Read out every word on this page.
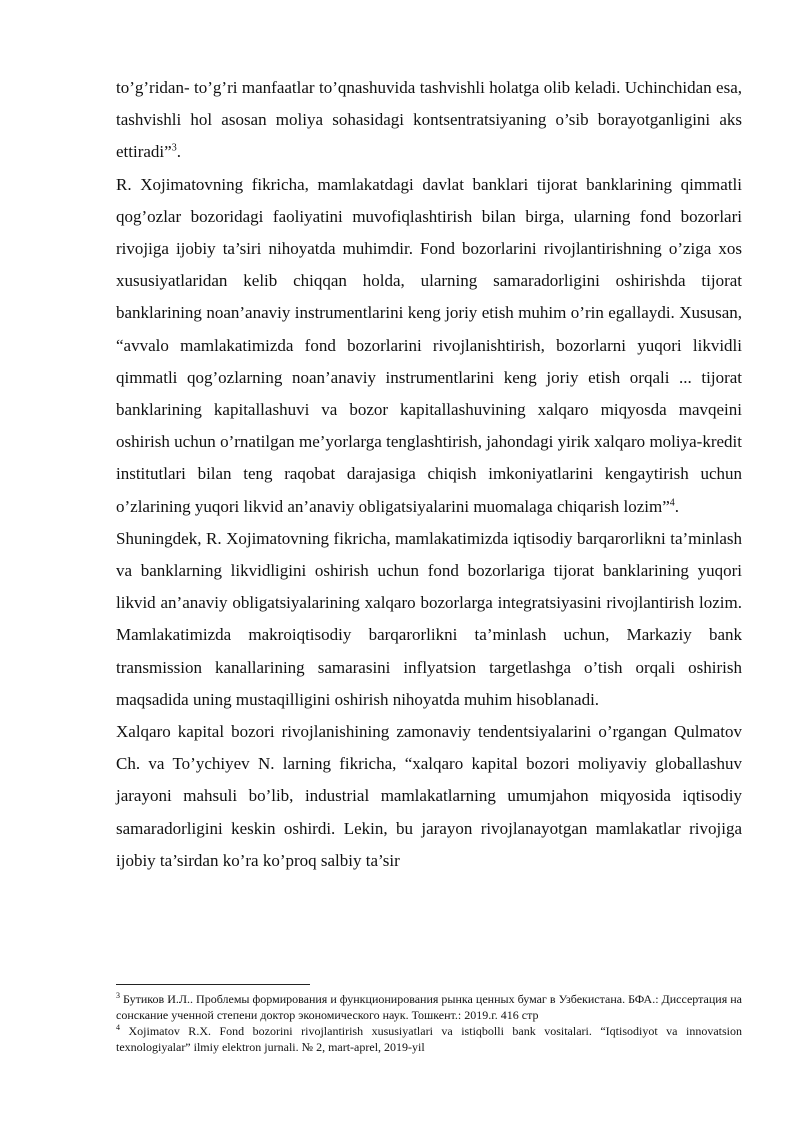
to’g’ridan- to’g’ri manfaatlar to’qnashuvida tashvishli holatga olib keladi. Uchinchidan esa, tashvishli hol asosan moliya sohasidagi kontsentratsiyaning o’sib borayotganligini aks ettiradi”$^3$.

R. Xojimatovning fikricha, mamlakatdagi davlat banklari tijorat banklarining qimmatli qog’ozlar bozoridagi faoliyatini muvofiqlashtirish bilan birga, ularning fond bozorlari rivojiga ijobiy ta’siri nihoyatda muhimdir. Fond bozorlarini rivojlantirishning o’ziga xos xususiyatlaridan kelib chiqqan holda, ularning samaradorligini oshirishda tijorat banklarining noan’anaviy instrumentlarini keng joriy etish muhim o’rin egallaydi. Xususan, “avvalo mamlakatimizda fond bozorlarini rivojlanishtirish, bozorlarni yuqori likvidli qimmatli qog’ozlarning noan’anaviy instrumentlarini keng joriy etish orqali ... tijorat banklarining kapitallashuvi va bozor kapitallashuvining xalqaro miqyosda mavqeini oshirish uchun o’rnatilgan me’yorlarga tenglashtirish, jahondagi yirik xalqaro moliya-kredit institutlari bilan teng raqobat darajasiga chiqish imkoniyatlarini kengaytirish uchun o’zlarining yuqori likvid an’anaviy obligatsiyalarini muomalaga chiqarish lozim”$^4$.

Shuningdek, R. Xojimatovning fikricha, mamlakatimizda iqtisodiy barqarorlikni ta’minlash va banklarning likvidligini oshirish uchun fond bozorlariga tijorat banklarining yuqori likvid an’anaviy obligatsiyalarining xalqaro bozorlarga integratsiyasini rivojlantirish lozim. Mamlakatimizda makroiqtisodiy barqarorlikni ta’minlash uchun, Markaziy bank transmission kanallarining samarasini inflyatsion targetlashga o’tish orqali oshirish maqsadida uning mustaqilligini oshirish nihoyatda muhim hisoblanadi.

Xalqaro kapital bozori rivojlanishining zamonaviy tendentsiyalarini o’rgangan Qulmatov Ch. va To’ychiyev N. larning fikricha, “xalqaro kapital bozori moliyaviy globallashuv jarayoni mahsuli bo’lib, industrial mamlakatlarning umumjahon miqyosida iqtisodiy samaradorligini keskin oshirdi. Lekin, bu jarayon rivojlanayotgan mamlakatlar rivojiga ijobiy ta’sirdan ko’ra ko’proq salbiy ta’sir

$^3$ Бутиков И.Л.. Проблемы формирования и функционирования рынка ценных бумаг в Узбекистана. БФА.: Диссертация на сонскание ученной степени доктор экономического наук. Тошкент.: 2019.г. 416 стр

$^4$ Xojimatov R.X. Fond bozorini rivojlantirish xususiyatlari va istiqbolli bank vositalari. “Iqtisodiyot va innovatsion texnologiyalar” ilmiy elektron jurnali. № 2, mart-aprel, 2019-yil
